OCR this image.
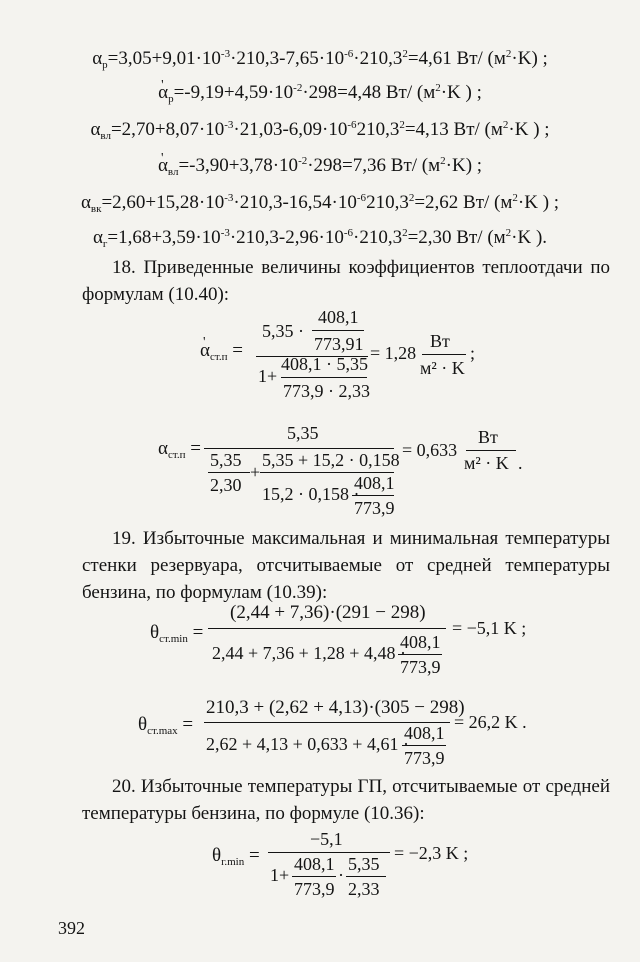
$\alpha_р=3,05+9,01\cdot 10^{-3}\cdot 210,3-7,65\cdot 10^{-6}\cdot 210,3^2=4,61$ Вт/ $(м^2\cdot K)$ ;
α '$_р=-9,19+4,59\cdot 10^{-2}\cdot 298=4,48$ Вт/ ($м^2\cdot K$ ) ;
$\alpha_{вл}=2,70+8,07\cdot 10^{-3}\cdot 21,03-6,09\cdot 10^{-6}210,3^2=4,13$ Вт/ ($м^2\cdot K$ ) ;
α '$_{вл}=-3,90+3,78\cdot 10^{-2}\cdot 298=7,36$ Вт/ $(м^2\cdot K)$ ;
$\alpha_{вк}=2,60+15,28\cdot 10^{-3}\cdot 210,3-16,54\cdot 10^{-6}210,3^2=2,62$ Вт/ ($м^2\cdot K$ ) ;
$\alpha_г=1,68+3,59\cdot 10^{-3}\cdot 210,3-2,96\cdot 10^{-6}\cdot 210,3^2=2,30$ Вт/ ($м^2\cdot K$ ).
18. Приведенные величины коэффициентов теплоотдачи по формулам (10.40):
α '$_{ст.п}$ =
5,35 ·
408,1
773,91
1+
408,1 · 5,35
773,9 · 2,33
= 1,28
Вт
м² · K
;
$\alpha_{ст.п}$ =
5,35
5,35
2,30
+
5,35 + 15,2 · 0,158
15,2 · 0,158 ·
408,1
773,9
= 0,633
Вт
м² · K .
19. Избыточные максимальная и минимальная температуры стенки резервуара, отсчитываемые от средней температуры бензина, по формулам (10.39):
$\theta_{ст.min}$ =
(2,44 + 7,36)·(291 − 298)
2,44 + 7,36 + 1,28 + 4,48 ·
408,1
773,9
= −5,1 K ;
$\theta_{ст.max}$ =
210,3 + (2,62 + 4,13)·(305 − 298)
2,62 + 4,13 + 0,633 + 4,61 ·
408,1
773,9
= 26,2 K .
20. Избыточные температуры ГП, отсчитываемые от средней температуры бензина, по формуле (10.36):
$\theta_{г.min}$ =
−5,1
1+
408,1
773,9
·
5,35
2,33
= −2,3 K ;
392
